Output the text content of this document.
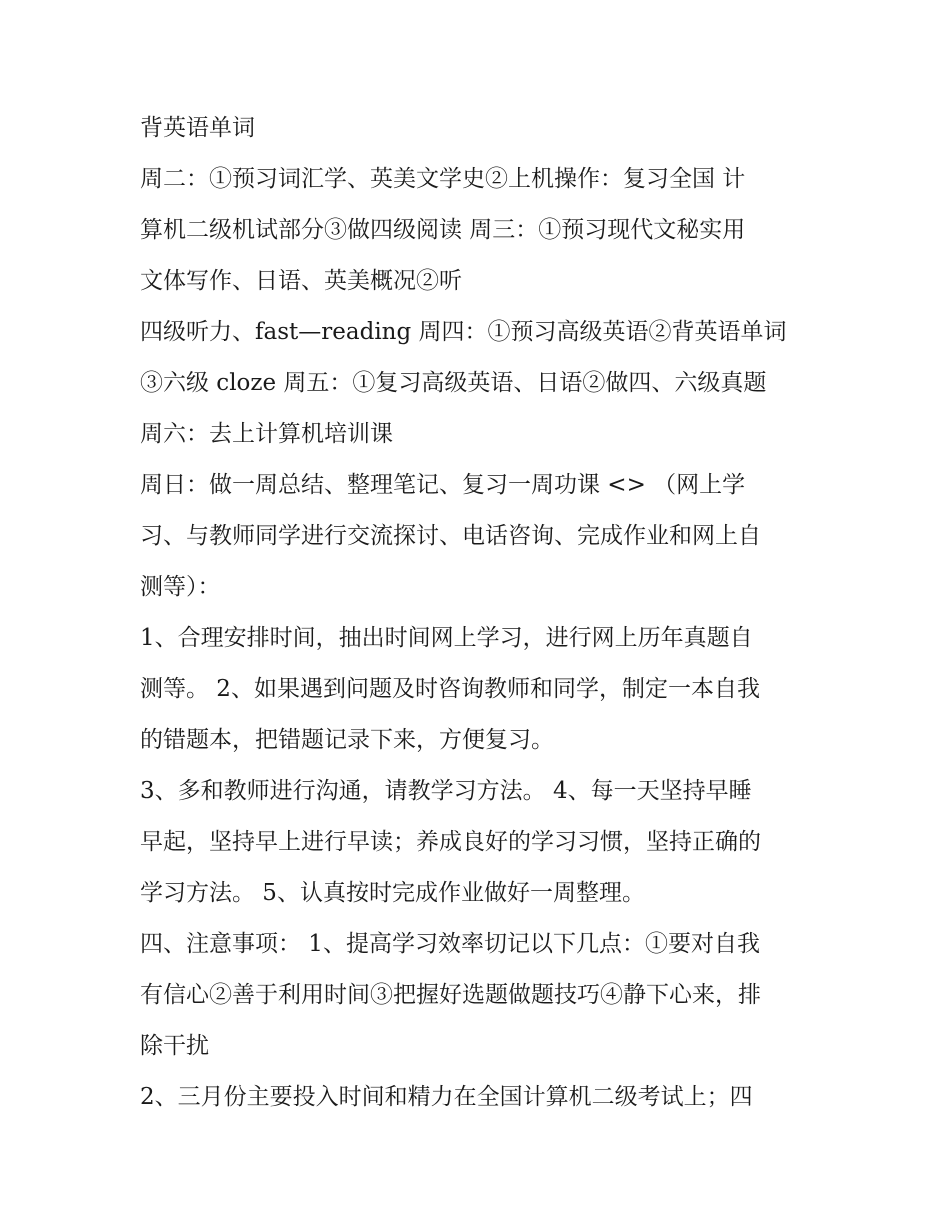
背英语单词
周二：①预习词汇学、英美文学史②上机操作：复习全国 计
算机二级机试部分③做四级阅读 周三：①预习现代文秘实用
文体写作、日语、英美概况②听
四级听力、fast—reading 周四：①预习高级英语②背英语单词
③六级 cloze 周五：①复习高级英语、日语②做四、六级真题
周六：去上计算机培训课
周日：做一周总结、整理笔记、复习一周功课 <> （网上学
习、与教师同学进行交流探讨、电话咨询、完成作业和网上自
测等）：
1、合理安排时间，抽出时间网上学习，进行网上历年真题自
测等。 2、如果遇到问题及时咨询教师和同学，制定一本自我
的错题本，把错题记录下来，方便复习。
3、多和教师进行沟通，请教学习方法。 4、每一天坚持早睡
早起，坚持早上进行早读；养成良好的学习习惯，坚持正确的
学习方法。 5、认真按时完成作业做好一周整理。
四、注意事项： 1、提高学习效率切记以下几点：①要对自我
有信心②善于利用时间③把握好选题做题技巧④静下心来，排
除干扰
2、三月份主要投入时间和精力在全国计算机二级考试上；四
